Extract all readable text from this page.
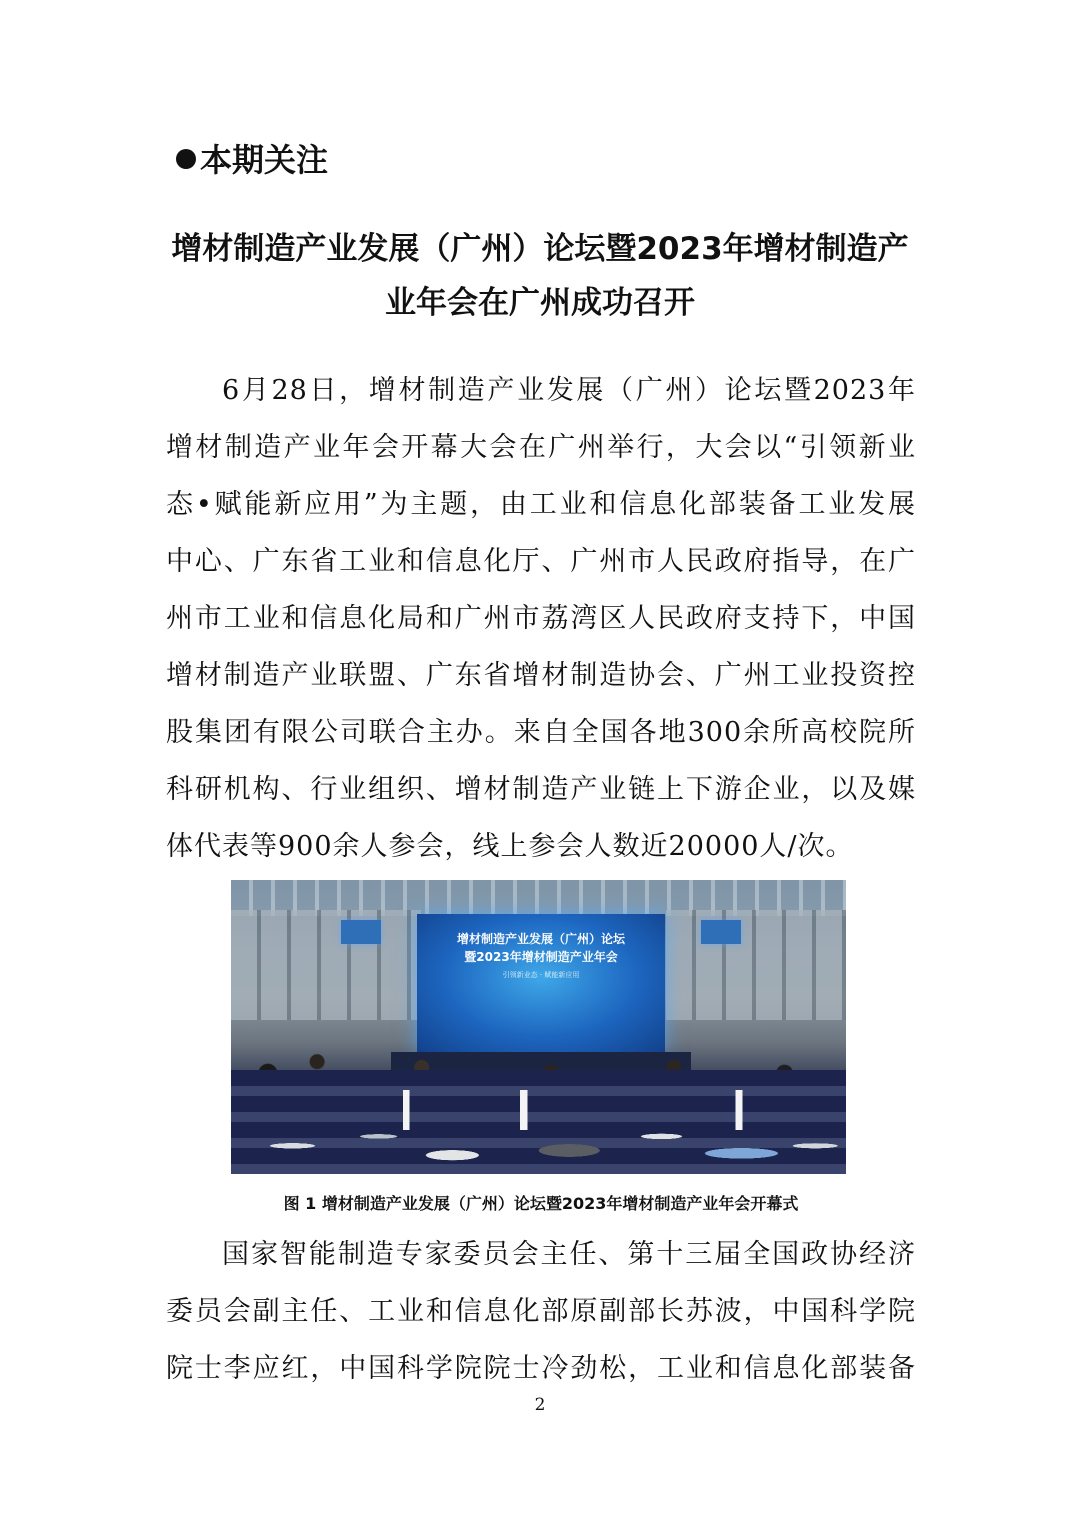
本期关注
增材制造产业发展（广州）论坛暨2023年增材制造产
业年会在广州成功召开
6月28日，增材制造产业发展（广州）论坛暨2023年
增材制造产业年会开幕大会在广州举行，大会以“引领新业
态•赋能新应用”为主题，由工业和信息化部装备工业发展
中心、广东省工业和信息化厅、广州市人民政府指导，在广
州市工业和信息化局和广州市荔湾区人民政府支持下，中国
增材制造产业联盟、广东省增材制造协会、广州工业投资控
股集团有限公司联合主办。来自全国各地300余所高校院所
科研机构、行业组织、增材制造产业链上下游企业，以及媒
体代表等900余人参会，线上参会人数近20000人/次。
增材制造产业发展（广州）论坛
暨2023年增材制造产业年会
引领新业态 · 赋能新应用
图 1 增材制造产业发展（广州）论坛暨2023年增材制造产业年会开幕式
国家智能制造专家委员会主任、第十三届全国政协经济
委员会副主任、工业和信息化部原副部长苏波，中国科学院
院士李应红，中国科学院院士冷劲松，工业和信息化部装备
2
